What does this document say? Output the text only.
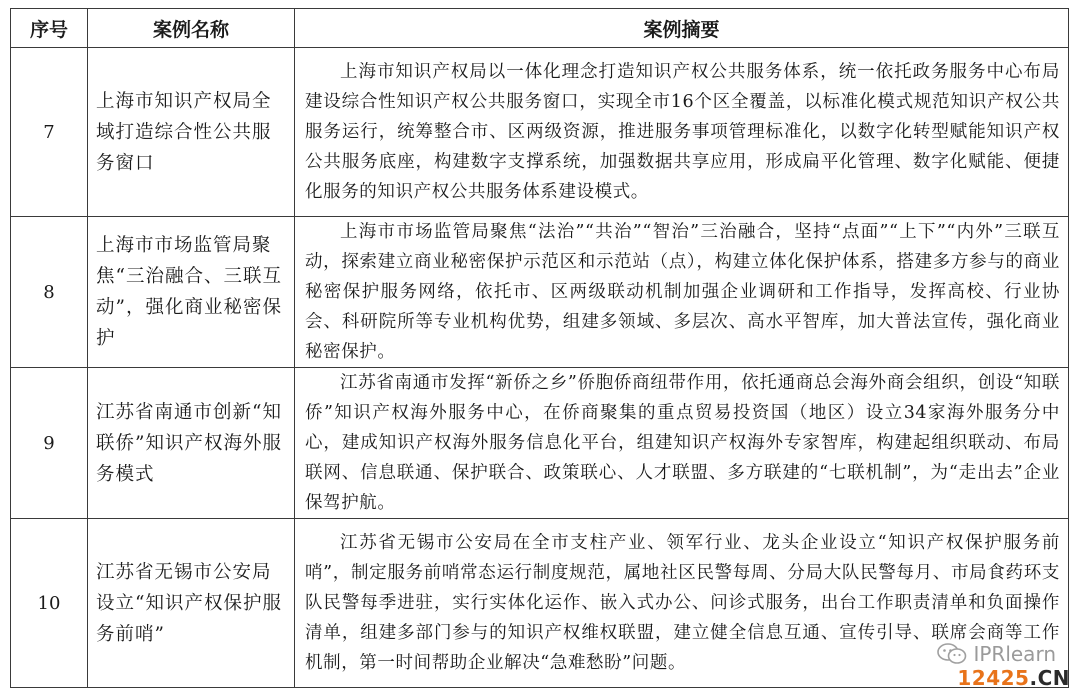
序号	案例名称	案例摘要
7	上海市知识产权局全域打造综合性公共服务窗口	上海市知识产权局以一体化理念打造知识产权公共服务体系，统一依托政务服务中心布局建设综合性知识产权公共服务窗口，实现全市16个区全覆盖，以标准化模式规范知识产权公共服务运行，统筹整合市、区两级资源，推进服务事项管理标准化，以数字化转型赋能知识产权公共服务底座，构建数字支撑系统，加强数据共享应用，形成扁平化管理、数字化赋能、便捷化服务的知识产权公共服务体系建设模式。
8	上海市市场监管局聚焦“三治融合、三联互动”，强化商业秘密保护	上海市市场监管局聚焦“法治”“共治”“智治”三治融合，坚持“点面”“上下”“内外”三联互动，探索建立商业秘密保护示范区和示范站（点），构建立体化保护体系，搭建多方参与的商业秘密保护服务网络，依托市、区两级联动机制加强企业调研和工作指导，发挥高校、行业协会、科研院所等专业机构优势，组建多领域、多层次、高水平智库，加大普法宣传，强化商业秘密保护。
9	江苏省南通市创新“知联侨”知识产权海外服务模式	江苏省南通市发挥“新侨之乡”侨胞侨商纽带作用，依托通商总会海外商会组织，创设“知联侨”知识产权海外服务中心，在侨商聚集的重点贸易投资国（地区）设立34家海外服务分中心，建成知识产权海外服务信息化平台，组建知识产权海外专家智库，构建起组织联动、布局联网、信息联通、保护联合、政策联心、人才联盟、多方联建的“七联机制”，为“走出去”企业保驾护航。
10	江苏省无锡市公安局设立“知识产权保护服务前哨”	江苏省无锡市公安局在全市支柱产业、领军行业、龙头企业设立“知识产权保护服务前哨”，制定服务前哨常态运行制度规范，属地社区民警每周、分局大队民警每月、市局食药环支队民警每季进驻，实行实体化运作、嵌入式办公、问诊式服务，出台工作职责清单和负面操作清单，组建多部门参与的知识产权维权联盟，建立健全信息互通、宣传引导、联席会商等工作机制，第一时间帮助企业解决“急难愁盼”问题。	IPRlearn
12425.CN
